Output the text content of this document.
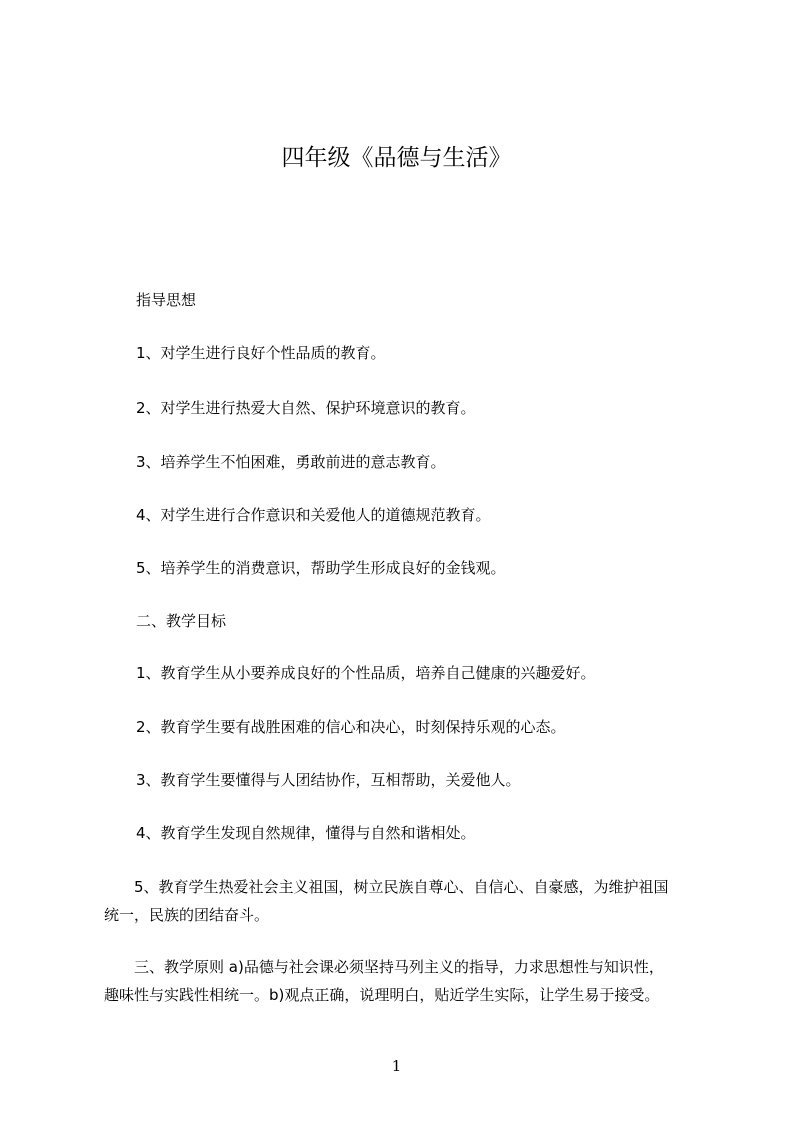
四年级《品德与生活》
指导思想
1、对学生进行良好个性品质的教育。
2、对学生进行热爱大自然、保护环境意识的教育。
3、培养学生不怕困难，勇敢前进的意志教育。
4、对学生进行合作意识和关爱他人的道德规范教育。
5、培养学生的消费意识，帮助学生形成良好的金钱观。
二、教学目标
1、教育学生从小要养成良好的个性品质，培养自己健康的兴趣爱好。
2、教育学生要有战胜困难的信心和决心，时刻保持乐观的心态。
3、教育学生要懂得与人团结协作，互相帮助，关爱他人。
4、教育学生发现自然规律，懂得与自然和谐相处。
5、教育学生热爱社会主义祖国，树立民族自尊心、自信心、自豪感，为维护祖国
统一，民族的团结奋斗。
三、教学原则 a)品德与社会课必须坚持马列主义的指导，力求思想性与知识性，
趣味性与实践性相统一。b)观点正确，说理明白，贴近学生实际，让学生易于接受。
1
